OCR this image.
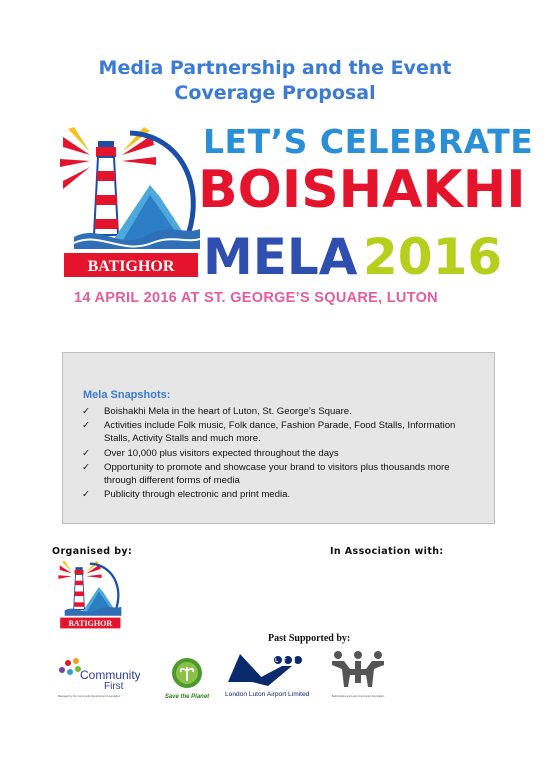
Media Partnership and the Event
Coverage Proposal
BATIGHOR
LET’S CELEBRATE
BOISHAKHI
MELA 2016
14 APRIL 2016 AT ST. GEORGE’S SQUARE, LUTON
Mela Snapshots:
✓ Boishakhi Mela in the heart of Luton, St. George’s Square.
✓ Activities include Folk music, Folk dance, Fashion Parade, Food Stalls, Information Stalls, Activity Stalls and much more.
✓ Over 10,000 plus visitors expected throughout the days
✓ Opportunity to promote and showcase your brand to visitors plus thousands more through different forms of media
✓ Publicity through electronic and print media.
Organised by:	In Association with:
BATIGHOR
Past Supported by:
Community
First
Managed by the Community Development Foundation	Save the Planet
LTN
London Luton Airport Limited	Bedfordshire and Luton Community Foundation
